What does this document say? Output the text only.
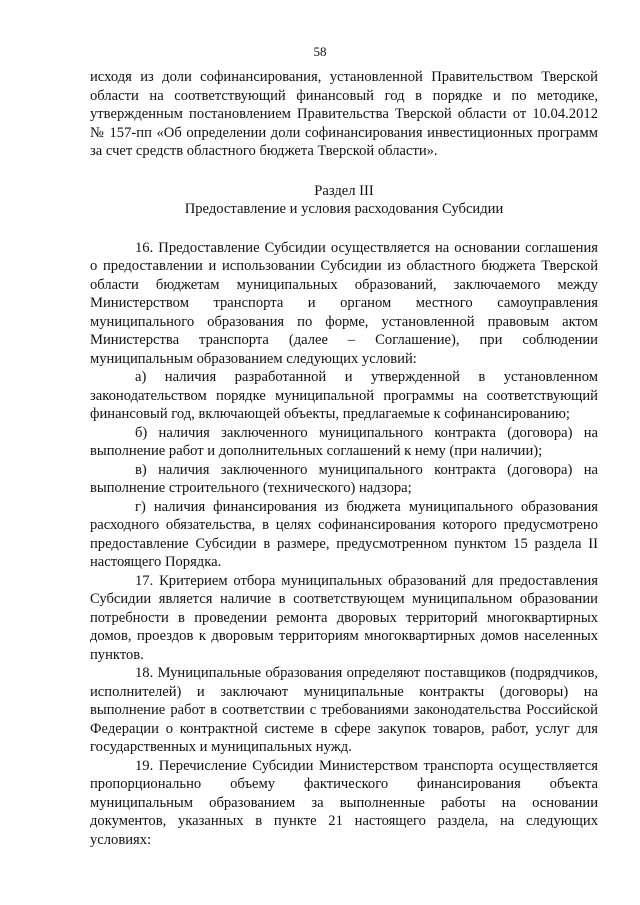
58

исходя из доли софинансирования, установленной Правительством Тверской области на соответствующий финансовый год в порядке и по методике, утвержденным постановлением Правительства Тверской области от 10.04.2012 № 157-пп «Об определении доли софинансирования инвестиционных программ за счет средств областного бюджета Тверской области».

Раздел III

Предоставление и условия расходования Субсидии

16. Предоставление Субсидии осуществляется на основании соглашения о предоставлении и использовании Субсидии из областного бюджета Тверской области бюджетам муниципальных образований, заключаемого между Министерством транспорта и органом местного самоуправления муниципального образования по форме, установленной правовым актом Министерства транспорта (далее – Соглашение), при соблюдении муниципальным образованием следующих условий:

а) наличия разработанной и утвержденной в установленном законодательством порядке муниципальной программы на соответствующий финансовый год, включающей объекты, предлагаемые к софинансированию;

б) наличия заключенного муниципального контракта (договора) на выполнение работ и дополнительных соглашений к нему (при наличии);

в) наличия заключенного муниципального контракта (договора) на выполнение строительного (технического) надзора;

г) наличия финансирования из бюджета муниципального образования расходного обязательства, в целях софинансирования которого предусмотрено предоставление Субсидии в размере, предусмотренном пунктом 15 раздела II настоящего Порядка.

17. Критерием отбора муниципальных образований для предоставления Субсидии является наличие в соответствующем муниципальном образовании потребности в проведении ремонта дворовых территорий многоквартирных домов, проездов к дворовым территориям многоквартирных домов населенных пунктов.

18. Муниципальные образования определяют поставщиков (подрядчиков, исполнителей) и заключают муниципальные контракты (договоры) на выполнение работ в соответствии с требованиями законодательства Российской Федерации о контрактной системе в сфере закупок товаров, работ, услуг для государственных и муниципальных нужд.

19. Перечисление Субсидии Министерством транспорта осуществляется пропорционально объему фактического финансирования объекта муниципальным образованием за выполненные работы на основании документов, указанных в пункте 21 настоящего раздела, на следующих условиях:
